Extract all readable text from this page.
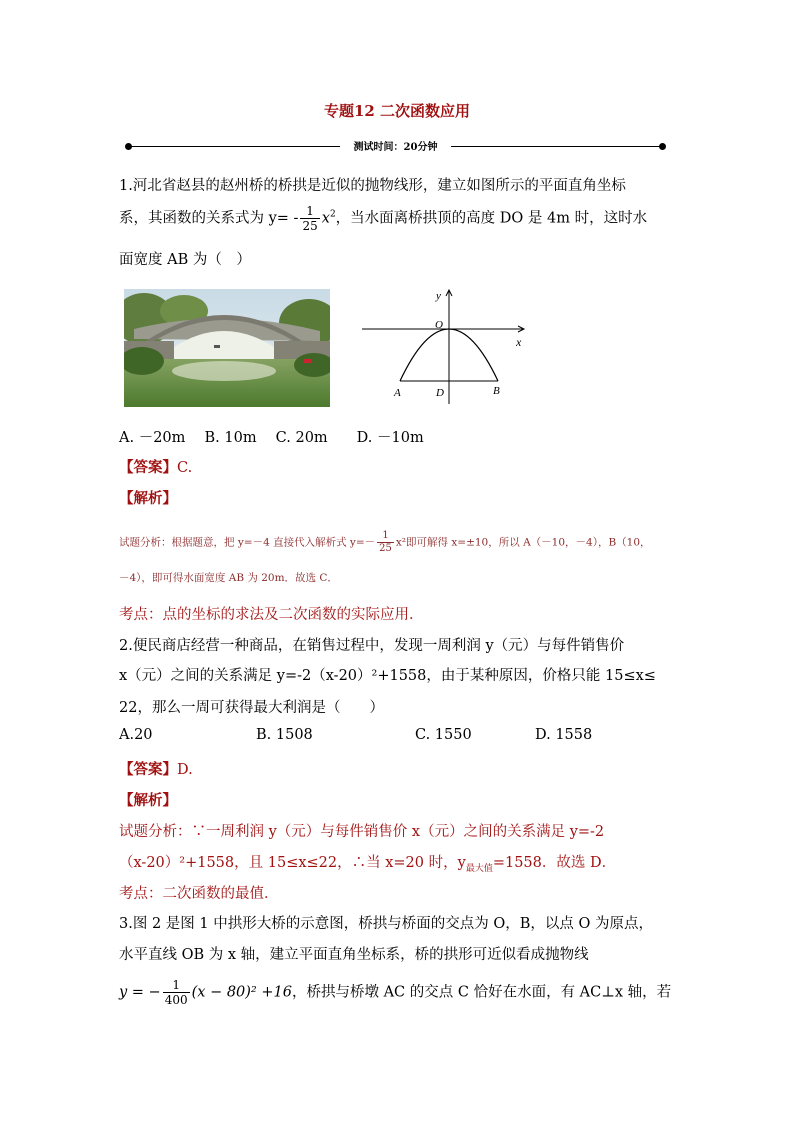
专题12 二次函数应用
测试时间：20分钟
1.河北省赵县的赵州桥的桥拱是近似的抛物线形，建立如图所示的平面直角坐标
系，其函数的关系式为 $y= - \frac{1}{25} x^2$，当水面离桥拱顶的高度 DO 是 4m 时，这时水
面宽度 AB 为（　）
y
x
O
A	D	B
A. －20m　 B. 10m　 C. 20m　　D. －10m
【答案】C.
【解析】
试题分析：根据题意，把 y=－4 直接代入解析式 $y=- \frac{1}{25} x^2$即可解得 x=±10，所以 A（－10，－4），B（10，
－4），即可得水面宽度 AB 为 20m．故选 C．
考点：点的坐标的求法及二次函数的实际应用．
2.便民商店经营一种商品，在销售过程中，发现一周利润 y（元）与每件销售价
x（元）之间的关系满足 y=-2（x-20）²+1558，由于某种原因，价格只能 15≤x≤
22，那么一周可获得最大利润是（　　）
A.20	B. 1508	C. 1550	D. 1558
【答案】D.
【解析】
试题分析：∵一周利润 y（元）与每件销售价 x（元）之间的关系满足 y=-2
（x-20）²+1558，且 15≤x≤22，∴当 x=20 时，$y_{最大值}=1558$．故选 D．
考点：二次函数的最值．
3.图 2 是图 1 中拱形大桥的示意图，桥拱与桥面的交点为 O，B，以点 O 为原点，
水平直线 OB 为 x 轴，建立平面直角坐标系，桥的拱形可近似看成抛物线
y = − $\frac{1}{400} (x - 80)^2 +16$，桥拱与桥墩 AC 的交点 C 恰好在水面，有 AC⊥x 轴，若
